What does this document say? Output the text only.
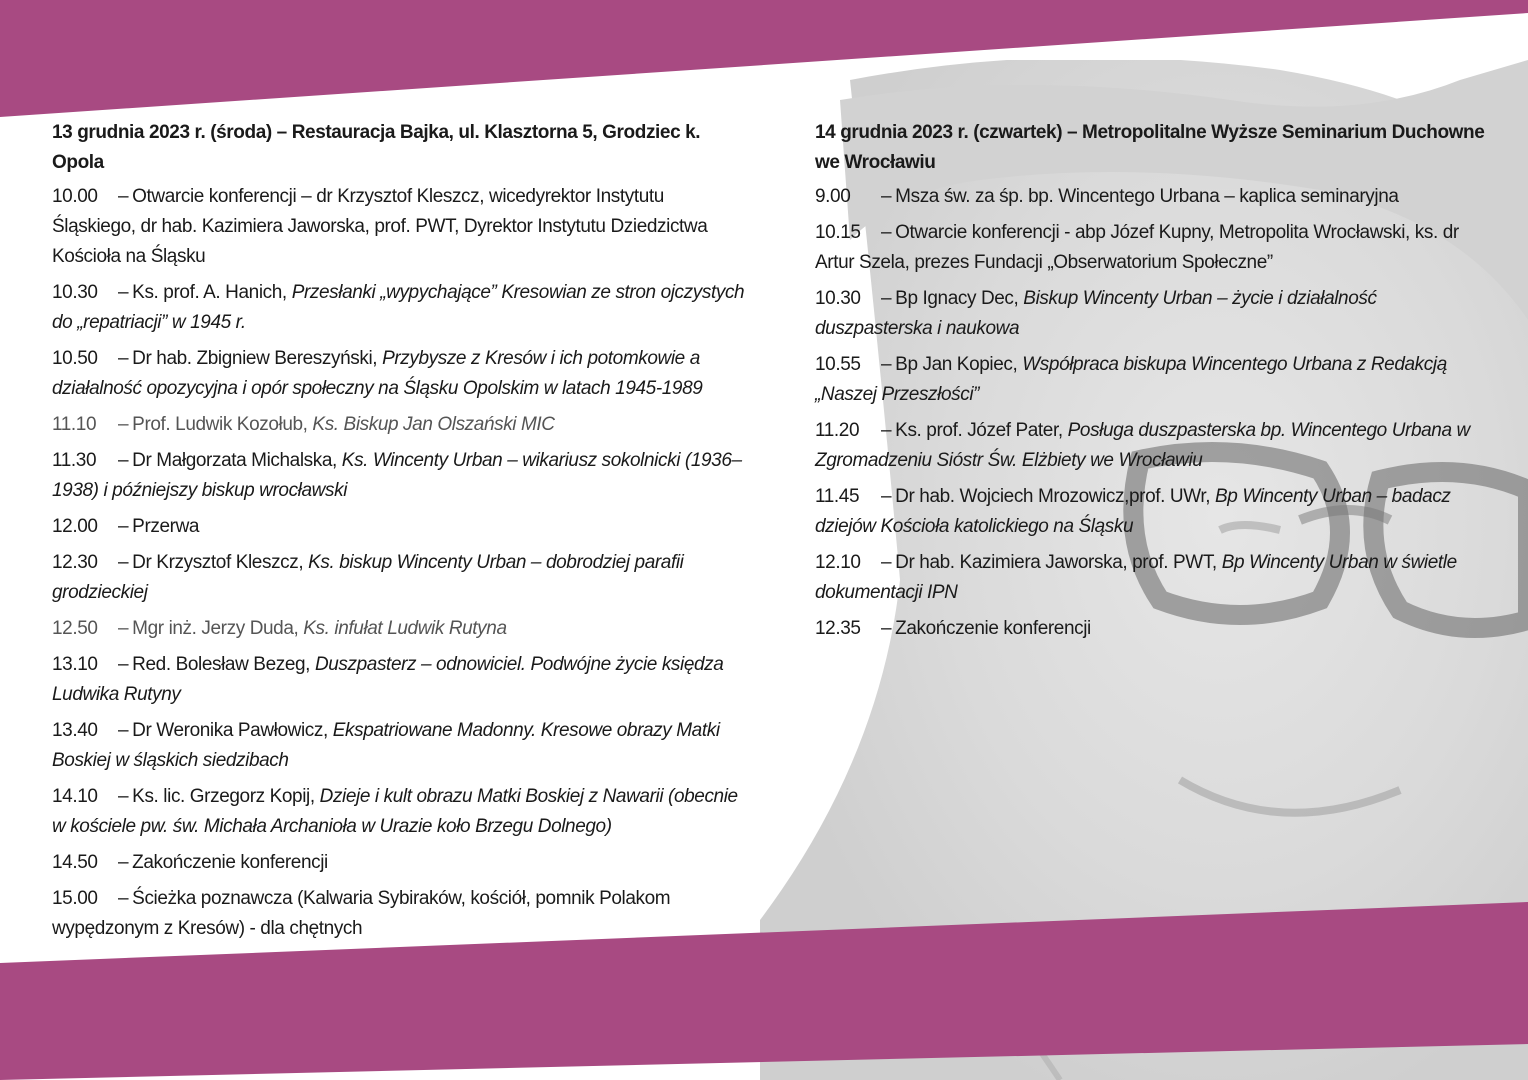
13 grudnia 2023 r. (środa) – Restauracja Bajka, ul. Klasztorna 5, Grodziec k. Opola
10.00 – Otwarcie konferencji – dr Krzysztof Kleszcz, wicedyrektor Instytutu Śląskiego, dr hab. Kazimiera Jaworska, prof. PWT, Dyrektor Instytutu Dziedzictwa Kościoła na Śląsku
10.30 – Ks. prof. A. Hanich, Przesłanki „wypychające” Kresowian ze stron ojczystych do „repatriacji” w 1945 r.
10.50 – Dr hab. Zbigniew Bereszyński, Przybysze z Kresów i ich potomkowie a działalność opozycyjna i opór społeczny na Śląsku Opolskim w latach 1945-1989
11.10 – Prof. Ludwik Kozołub, Ks. Biskup Jan Olszański MIC
11.30 – Dr Małgorzata Michalska, Ks. Wincenty Urban – wikariusz sokolnicki (1936–1938) i późniejszy biskup wrocławski
12.00 – Przerwa
12.30 – Dr Krzysztof Kleszcz, Ks. biskup Wincenty Urban – dobrodziej parafii grodzieckiej
12.50 – Mgr inż. Jerzy Duda, Ks. infułat Ludwik Rutyna
13.10 – Red. Bolesław Bezeg, Duszpasterz – odnowiciel. Podwójne życie księdza Ludwika Rutyny
13.40 – Dr Weronika Pawłowicz, Ekspatriowane Madonny. Kresowe obrazy Matki Boskiej w śląskich siedzibach
14.10 – Ks. lic. Grzegorz Kopij, Dzieje i kult obrazu Matki Boskiej z Nawarii (obecnie w kościele pw. św. Michała Archanioła w Urazie koło Brzegu Dolnego)
14.50 – Zakończenie konferencji
15.00 – Ścieżka poznawcza (Kalwaria Sybiraków, kościół, pomnik Polakom wypędzonym z Kresów) - dla chętnych
14 grudnia 2023 r. (czwartek) – Metropolitalne Wyższe Seminarium Duchowne we Wrocławiu
9.00 – Msza św. za śp. bp. Wincentego Urbana – kaplica seminaryjna
10.15 – Otwarcie konferencji - abp Józef Kupny, Metropolita Wrocławski, ks. dr Artur Szela, prezes Fundacji „Obserwatorium Społeczne”
10.30 – Bp Ignacy Dec, Biskup Wincenty Urban – życie i działalność duszpasterska i naukowa
10.55 – Bp Jan Kopiec, Współpraca biskupa Wincentego Urbana z Redakcją „Naszej Przeszłości”
11.20 – Ks. prof. Józef Pater, Posługa duszpasterska bp. Wincentego Urbana w Zgromadzeniu Sióstr Św. Elżbiety we Wrocławiu
11.45 – Dr hab. Wojciech Mrozowicz,prof. UWr, Bp Wincenty Urban – badacz dziejów Kościoła katolickiego na Śląsku
12.10 – Dr hab. Kazimiera Jaworska, prof. PWT, Bp Wincenty Urban w świetle dokumentacji IPN
12.35 – Zakończenie konferencji
